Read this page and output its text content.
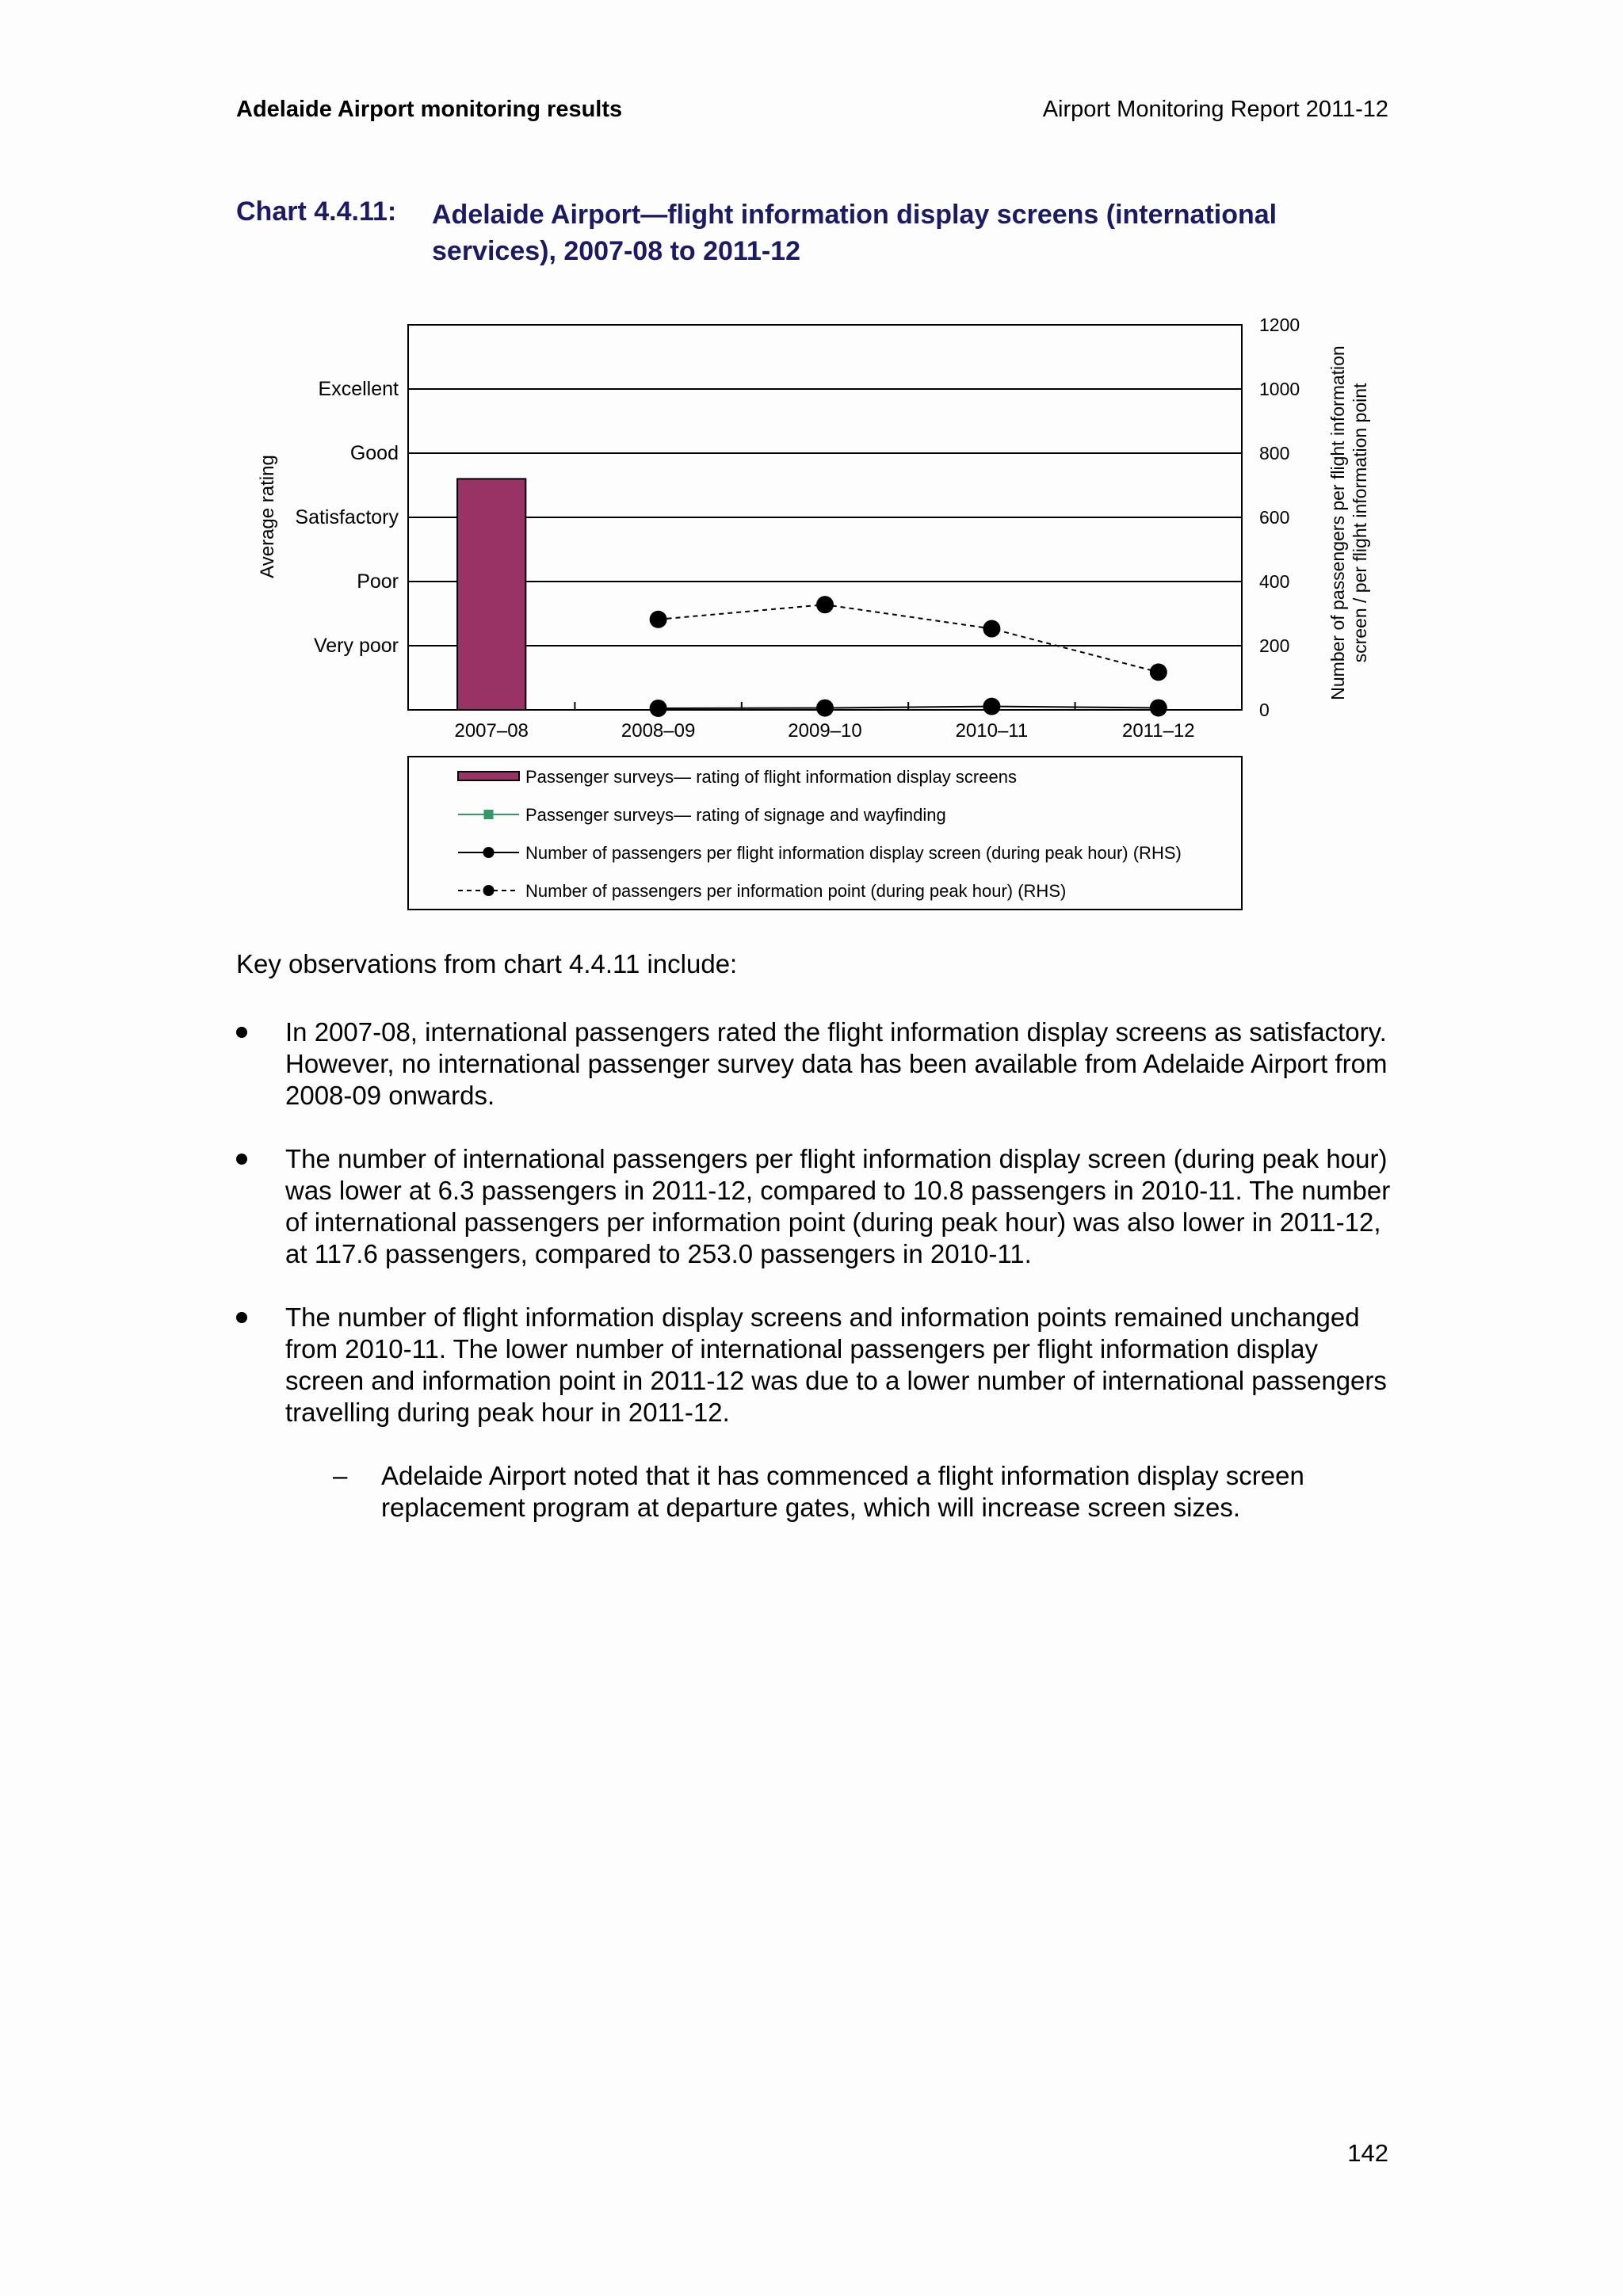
Adelaide Airport monitoring results	Airport Monitoring Report 2011-12
Chart 4.4.11: Adelaide Airport—flight information display screens (international services), 2007-08 to 2011-12
Very poor
Poor
Satisfactory
Good
Excellent
0
200
400
600
800
1000
1200
2007–08	2008–09	2009–10	2010–11	2011–12
Average rating	Number of passengers per flight information screen / per flight information point
Passenger surveys— rating of flight information display screens
Passenger surveys— rating of signage and wayfinding
Number of passengers per flight information display screen (during peak hour) (RHS)
Number of passengers per information point (during peak hour) (RHS)
Key observations from chart 4.4.11 include:
In 2007-08, international passengers rated the flight information display screens as satisfactory. However, no international passenger survey data has been available from Adelaide Airport from 2008-09 onwards.
The number of international passengers per flight information display screen (during peak hour) was lower at 6.3 passengers in 2011-12, compared to 10.8 passengers in 2010-11. The number of international passengers per information point (during peak hour) was also lower in 2011-12, at 117.6 passengers, compared to 253.0 passengers in 2010-11.
The number of flight information display screens and information points remained unchanged from 2010-11. The lower number of international passengers per flight information display screen and information point in 2011-12 was due to a lower number of international passengers travelling during peak hour in 2011-12.
– Adelaide Airport noted that it has commenced a flight information display screen replacement program at departure gates, which will increase screen sizes.
142
